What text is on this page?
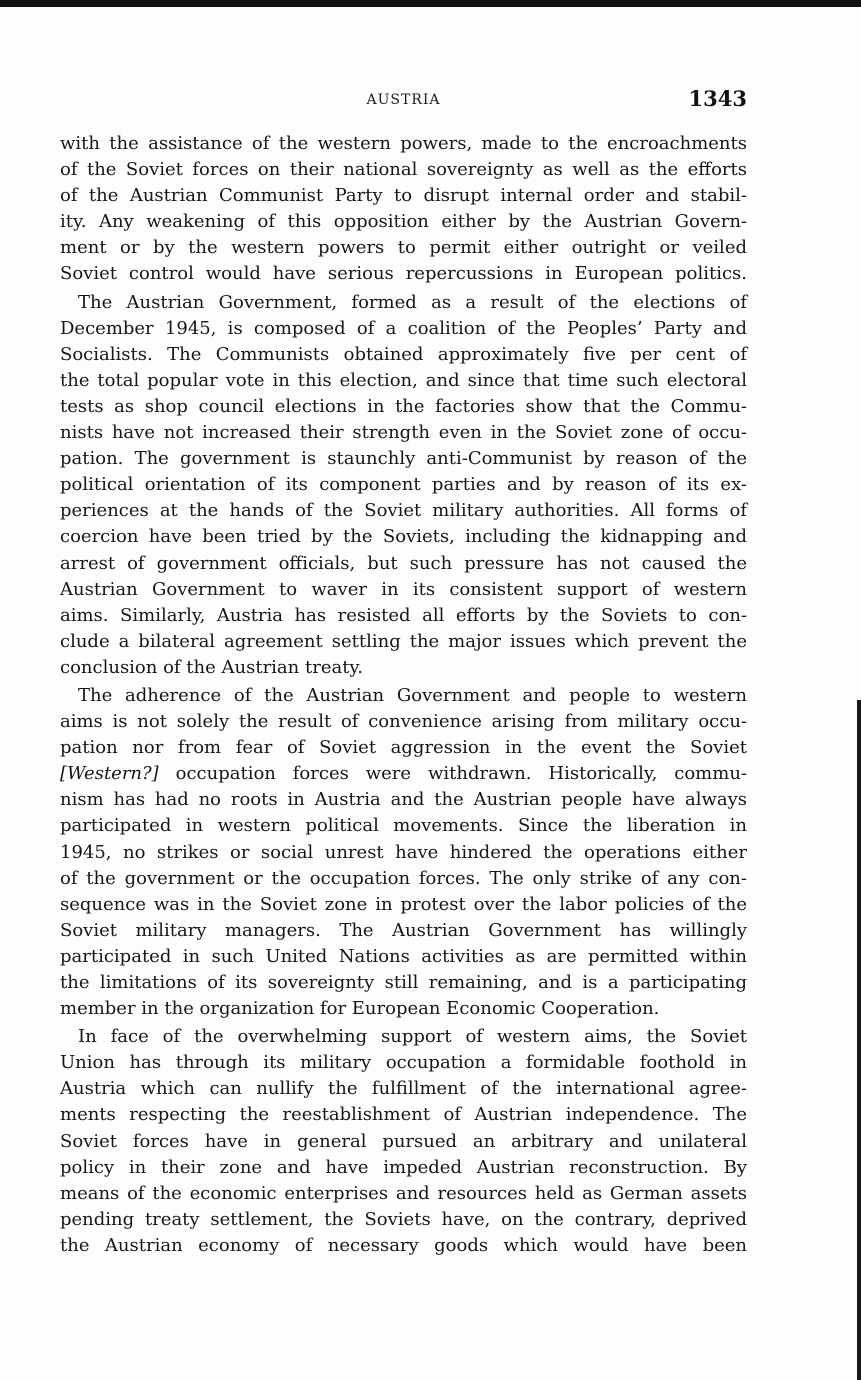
AUSTRIA	1343
with the assistance of the western powers, made to the encroachments
of the Soviet forces on their national sovereignty as well as the efforts
of the Austrian Communist Party to disrupt internal order and stabil-
ity. Any weakening of this opposition either by the Austrian Govern-
ment or by the western powers to permit either outright or veiled
Soviet control would have serious repercussions in European politics.
The Austrian Government, formed as a result of the elections of
December 1945, is composed of a coalition of the Peoples’ Party and
Socialists. The Communists obtained approximately five per cent of
the total popular vote in this election, and since that time such electoral
tests as shop council elections in the factories show that the Commu-
nists have not increased their strength even in the Soviet zone of occu-
pation. The government is staunchly anti-Communist by reason of the
political orientation of its component parties and by reason of its ex-
periences at the hands of the Soviet military authorities. All forms of
coercion have been tried by the Soviets, including the kidnapping and
arrest of government officials, but such pressure has not caused the
Austrian Government to waver in its consistent support of western
aims. Similarly, Austria has resisted all efforts by the Soviets to con-
clude a bilateral agreement settling the major issues which prevent the
conclusion of the Austrian treaty.
The adherence of the Austrian Government and people to western
aims is not solely the result of convenience arising from military occu-
pation nor from fear of Soviet aggression in the event the Soviet
[Western?] occupation forces were withdrawn. Historically, commu-
nism has had no roots in Austria and the Austrian people have always
participated in western political movements. Since the liberation in
1945, no strikes or social unrest have hindered the operations either
of the government or the occupation forces. The only strike of any con-
sequence was in the Soviet zone in protest over the labor policies of the
Soviet military managers. The Austrian Government has willingly
participated in such United Nations activities as are permitted within
the limitations of its sovereignty still remaining, and is a participating
member in the organization for European Economic Cooperation.
In face of the overwhelming support of western aims, the Soviet
Union has through its military occupation a formidable foothold in
Austria which can nullify the fulfillment of the international agree-
ments respecting the reestablishment of Austrian independence. The
Soviet forces have in general pursued an arbitrary and unilateral
policy in their zone and have impeded Austrian reconstruction. By
means of the economic enterprises and resources held as German assets
pending treaty settlement, the Soviets have, on the contrary, deprived
the Austrian economy of necessary goods which would have been
